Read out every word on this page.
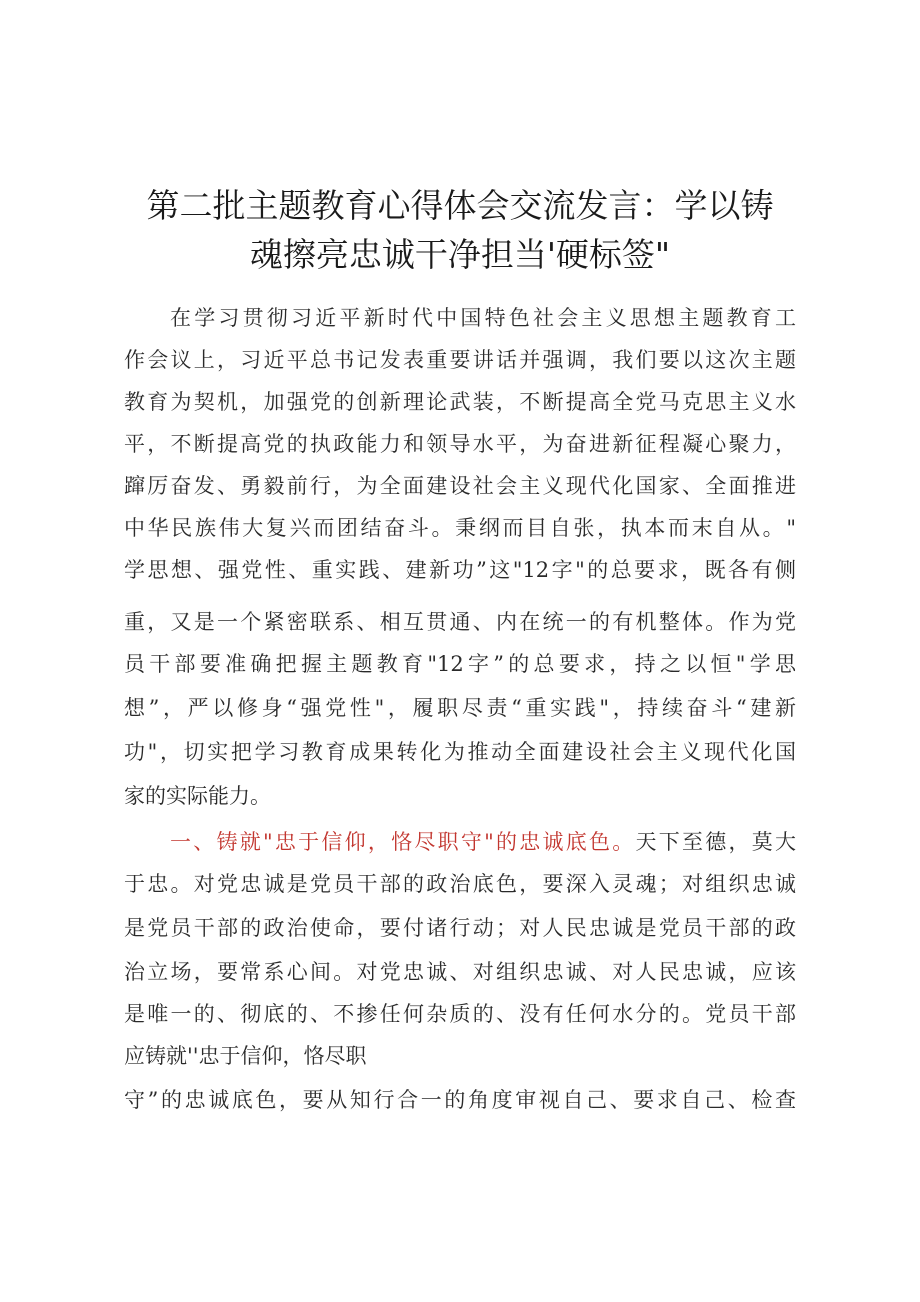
第二批主题教育心得体会交流发言：学以铸
魂擦亮忠诚干净担当'硬标签"
在学习贯彻习近平新时代中国特色社会主义思想主题教育工
作会议上，习近平总书记发表重要讲话并强调，我们要以这次主题
教育为契机，加强党的创新理论武装，不断提高全党马克思主义水
平，不断提高党的执政能力和领导水平，为奋进新征程凝心聚力，
蹿厉奋发、勇毅前行，为全面建设社会主义现代化国家、全面推进
中华民族伟大复兴而团结奋斗。秉纲而目自张，执本而末自从。"
学思想、强党性、重实践、建新功”这"12字"的总要求，既各有侧
重，又是一个紧密联系、相互贯通、内在统一的有机整体。作为党
员干部要准确把握主题教育"12字”的总要求，持之以恒"学思
想”，严以修身“强党性"，履职尽责“重实践"，持续奋斗“建新
功"，切实把学习教育成果转化为推动全面建设社会主义现代化国
家的实际能力。
一、铸就"忠于信仰，恪尽职守"的忠诚底色。天下至德，莫大
于忠。对党忠诚是党员干部的政治底色，要深入灵魂；对组织忠诚
是党员干部的政治使命，要付诸行动；对人民忠诚是党员干部的政
治立场，要常系心间。对党忠诚、对组织忠诚、对人民忠诚，应该
是唯一的、彻底的、不掺任何杂质的、没有任何水分的。党员干部
应铸就''忠于信仰，恪尽职
守”的忠诚底色，要从知行合一的角度审视自己、要求自己、检查
